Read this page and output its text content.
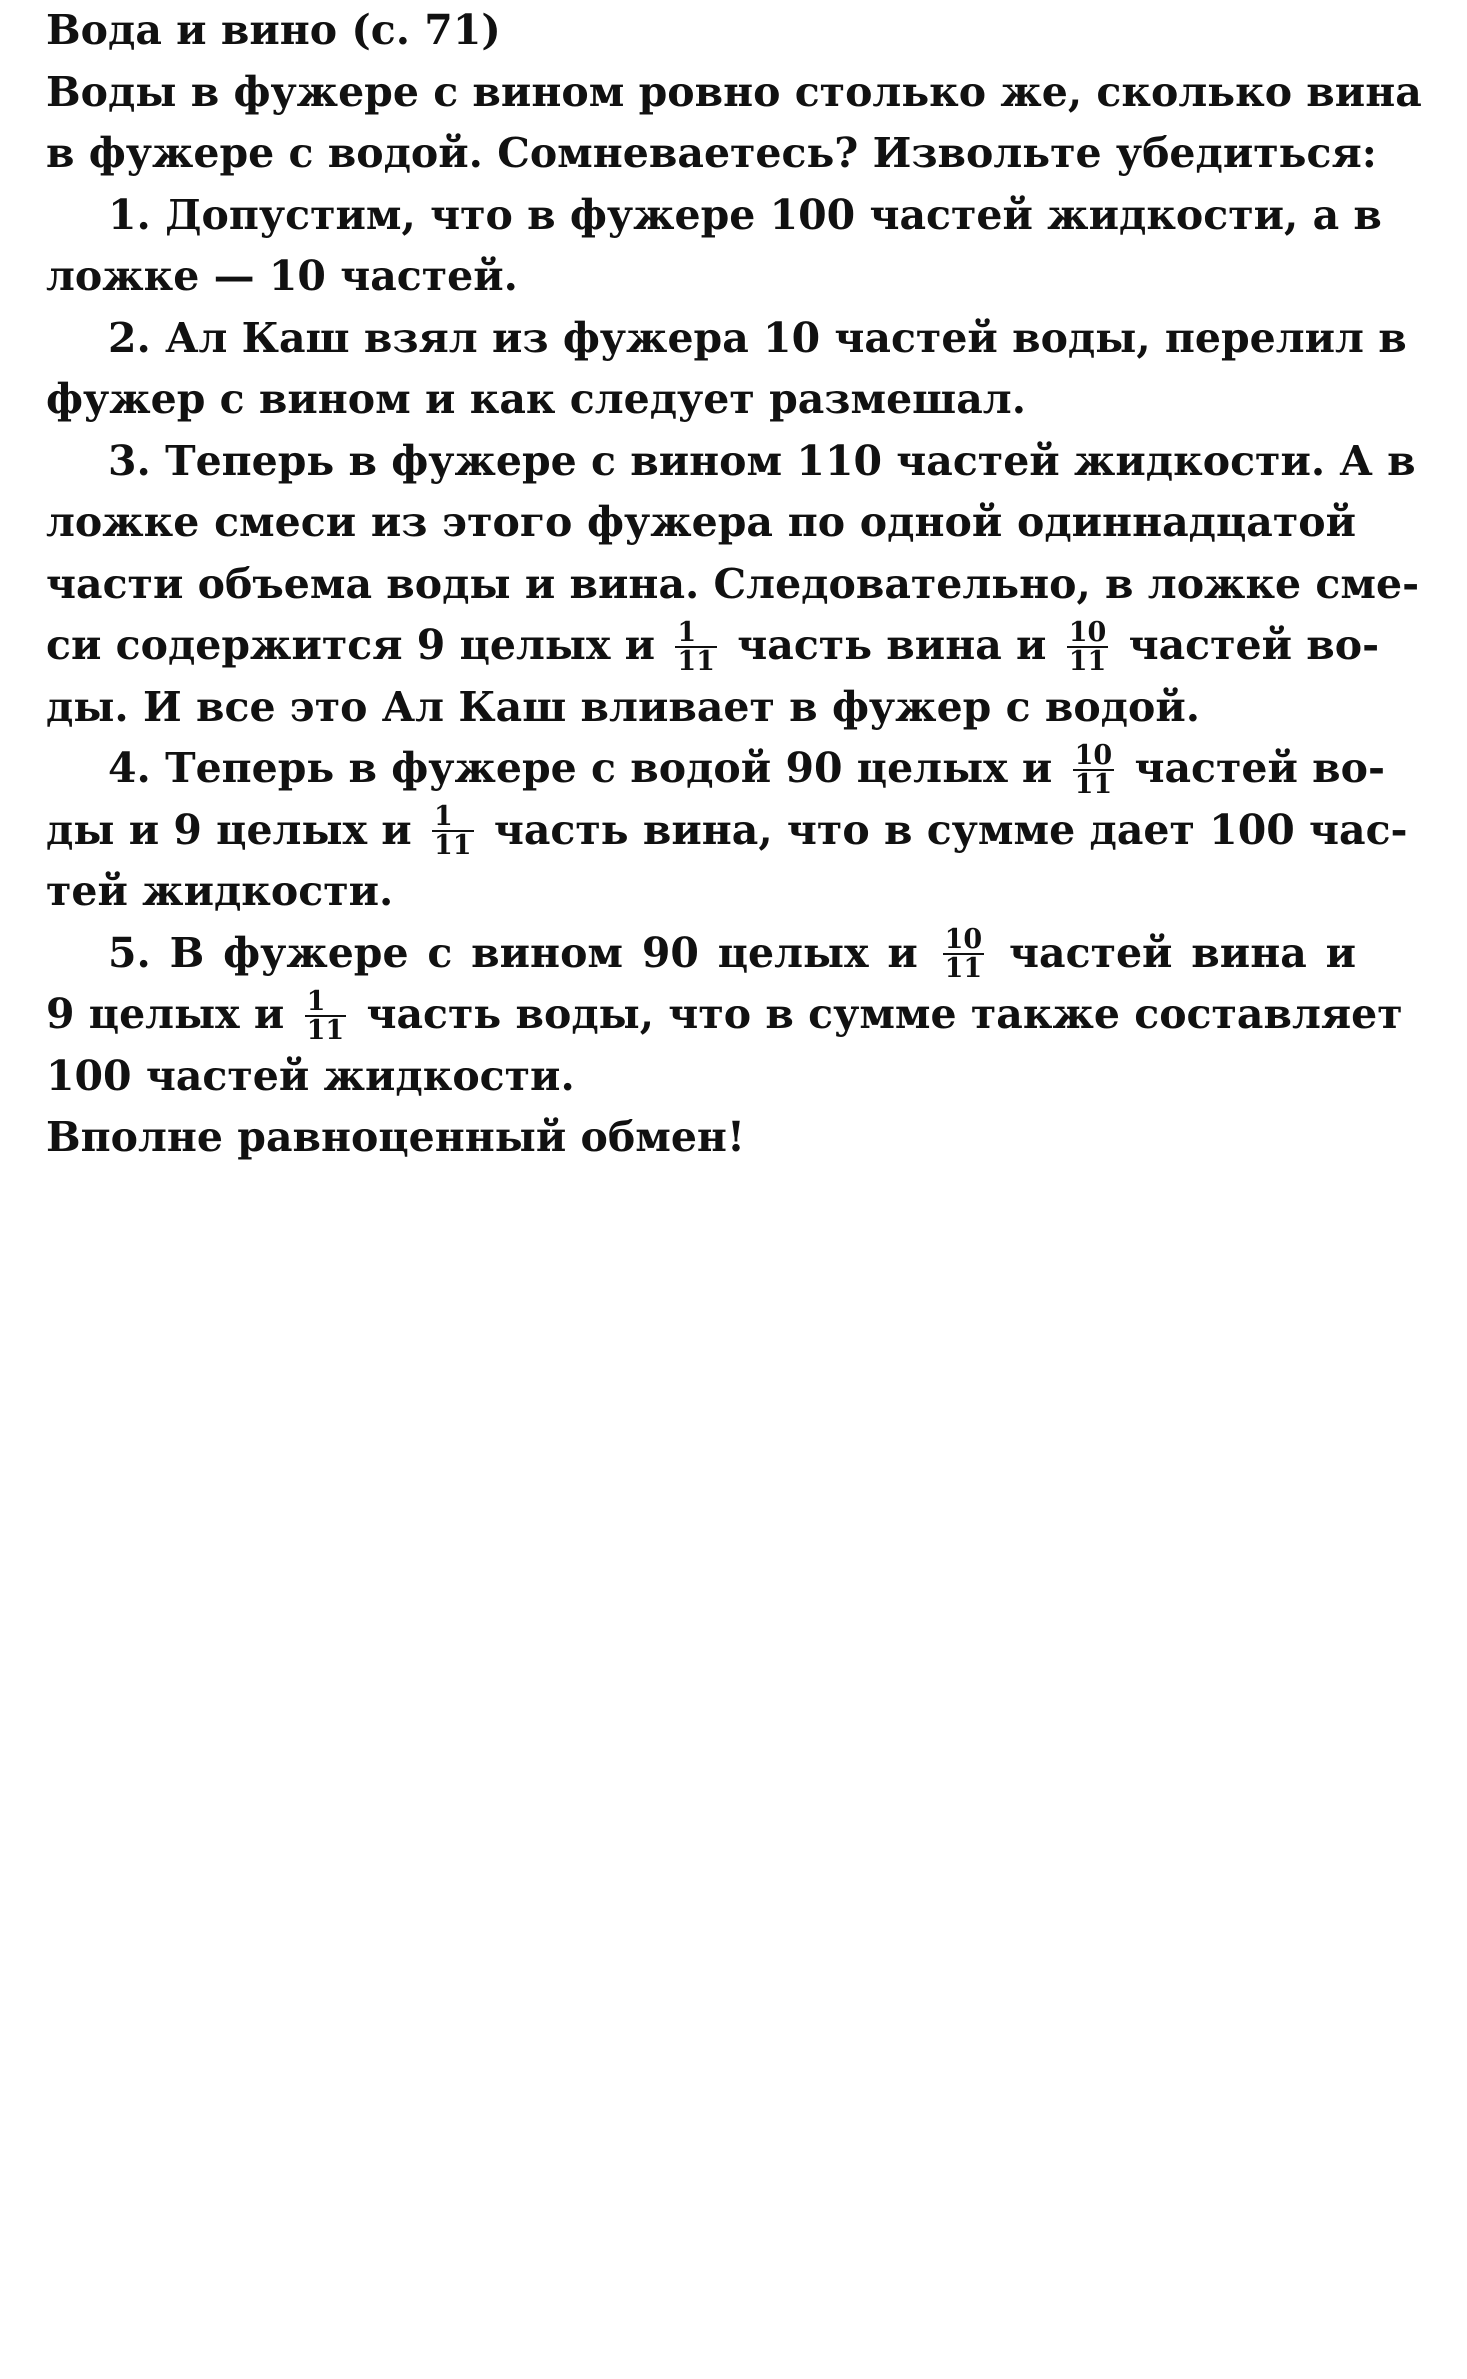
Вода и вино (с. 71)
Воды в фужере с вином ровно столько же, сколько вина
в фужере с водой. Сомневаетесь? Извольте убедиться:
1. Допустим, что в фужере 100 частей жидкости, а в
ложке — 10 частей.
2. Ал Каш взял из фужера 10 частей воды, перелил в
фужер с вином и как следует размешал.
3. Теперь в фужере с вином 110 частей жидкости. А в
ложке смеси из этого фужера по одной одиннадцатой
части объема воды и вина. Следовательно, в ложке сме-
си содержится 9 целых и $\frac{1}{11}$ часть вина и $\frac{10}{11}$ частей во-
ды. И все это Ал Каш вливает в фужер с водой.
4. Теперь в фужере с водой 90 целых и $\frac{10}{11}$ частей во-
ды и 9 целых и $\frac{1}{11}$ часть вина, что в сумме дает 100 час-
тей жидкости.
5. В фужере с вином 90 целых и $\frac{10}{11}$ частей вина и
9 целых и $\frac{1}{11}$ часть воды, что в сумме также составляет
100 частей жидкости.
Вполне равноценный обмен!
